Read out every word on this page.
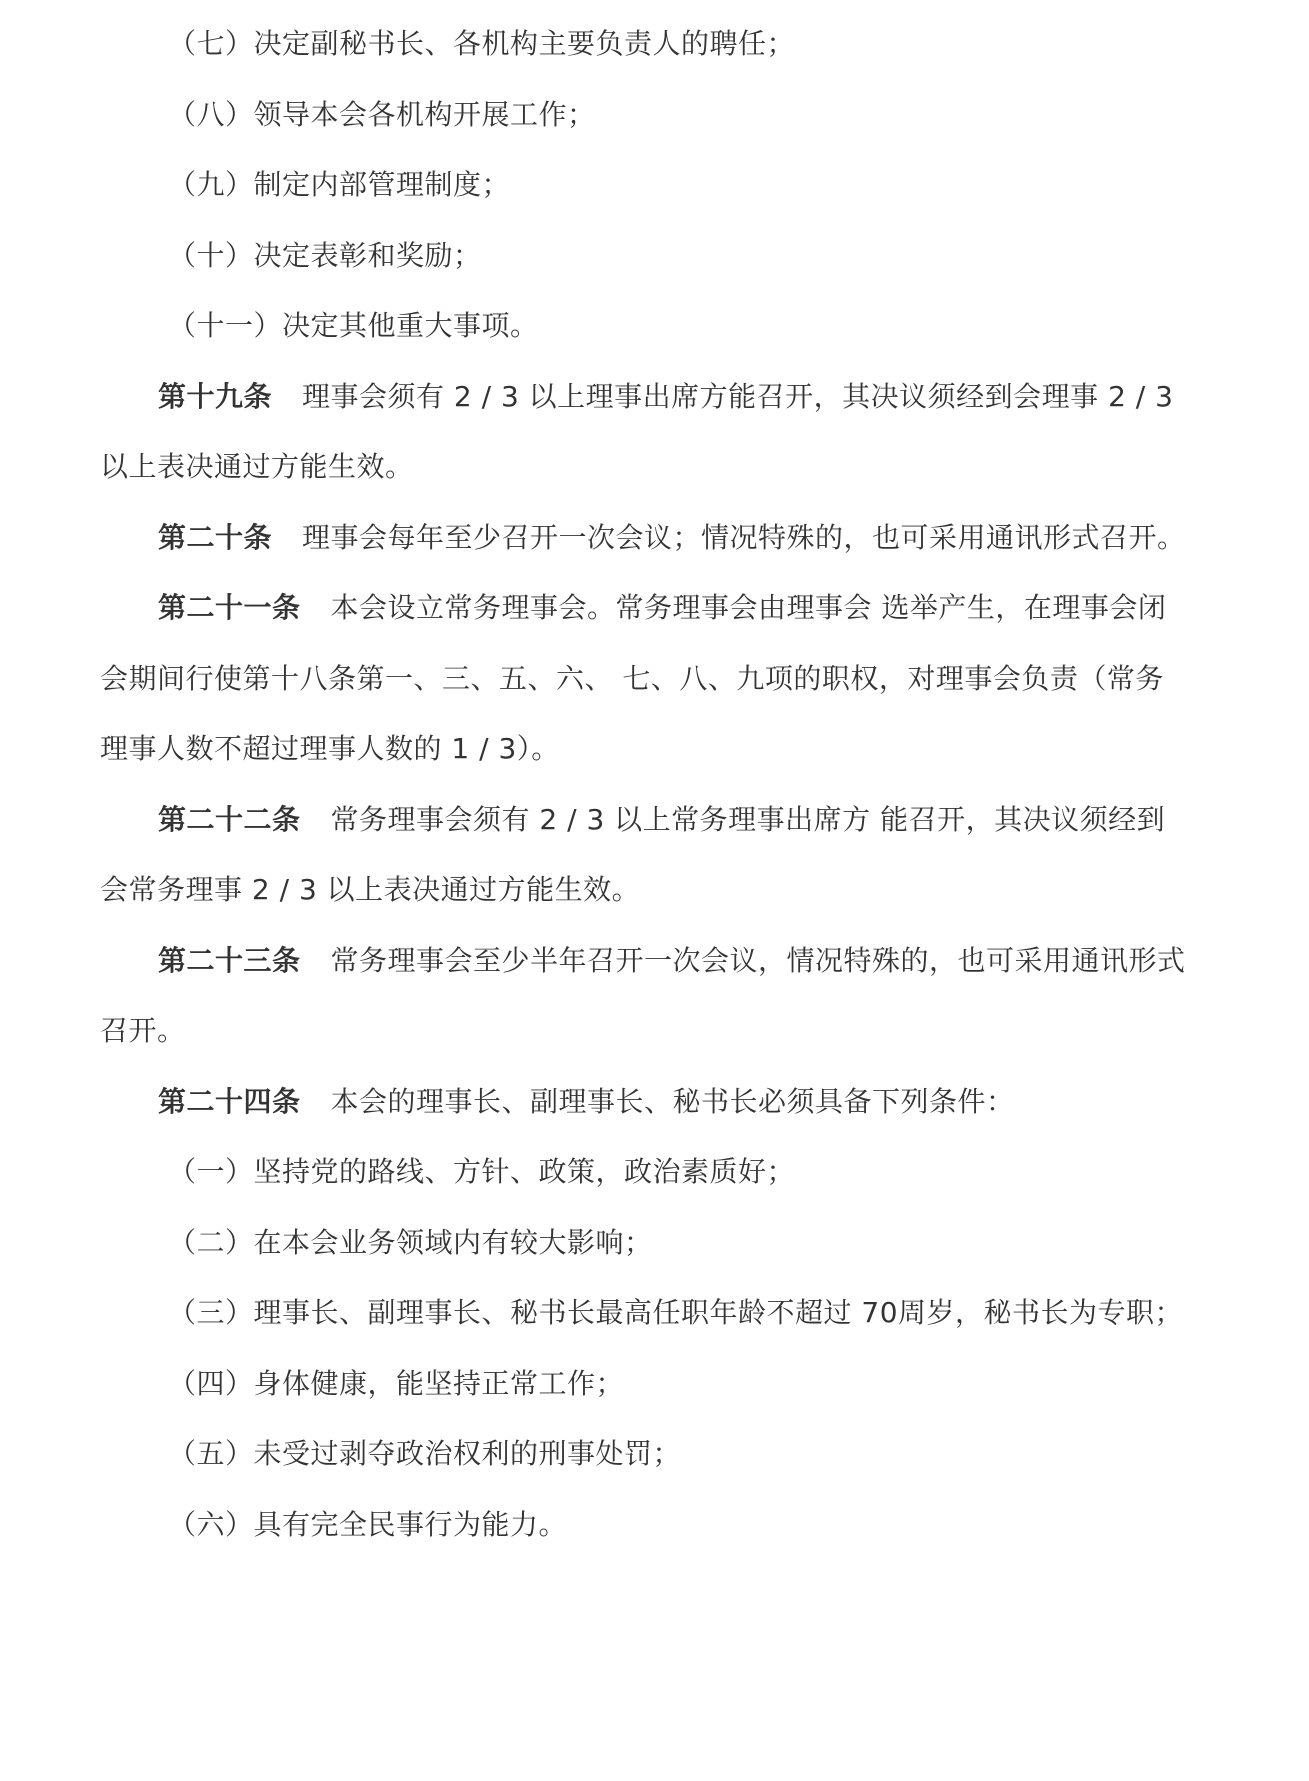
（七）决定副秘书长、各机构主要负责人的聘任；
（八）领导本会各机构开展工作；
（九）制定内部管理制度；
（十）决定表彰和奖励；
（十一）决定其他重大事项。
第十九条 理事会须有 2 / 3 以上理事出席方能召开，其决议须经到会理事 2 / 3
以上表决通过方能生效。
第二十条 理事会每年至少召开一次会议；情况特殊的，也可采用通讯形式召开。
第二十一条 本会设立常务理事会。常务理事会由理事会 选举产生，在理事会闭
会期间行使第十八条第一、三、五、六、 七、八、九项的职权，对理事会负责（常务
理事人数不超过理事人数的 1 / 3）。
第二十二条 常务理事会须有 2 / 3 以上常务理事出席方 能召开，其决议须经到
会常务理事 2 / 3 以上表决通过方能生效。
第二十三条 常务理事会至少半年召开一次会议，情况特殊的，也可采用通讯形式
召开。
第二十四条 本会的理事长、副理事长、秘书长必须具备下列条件：
（一）坚持党的路线、方针、政策，政治素质好；
（二）在本会业务领域内有较大影响；
（三）理事长、副理事长、秘书长最高任职年龄不超过 70周岁，秘书长为专职；
（四）身体健康，能坚持正常工作；
（五）未受过剥夺政治权利的刑事处罚；
（六）具有完全民事行为能力。
